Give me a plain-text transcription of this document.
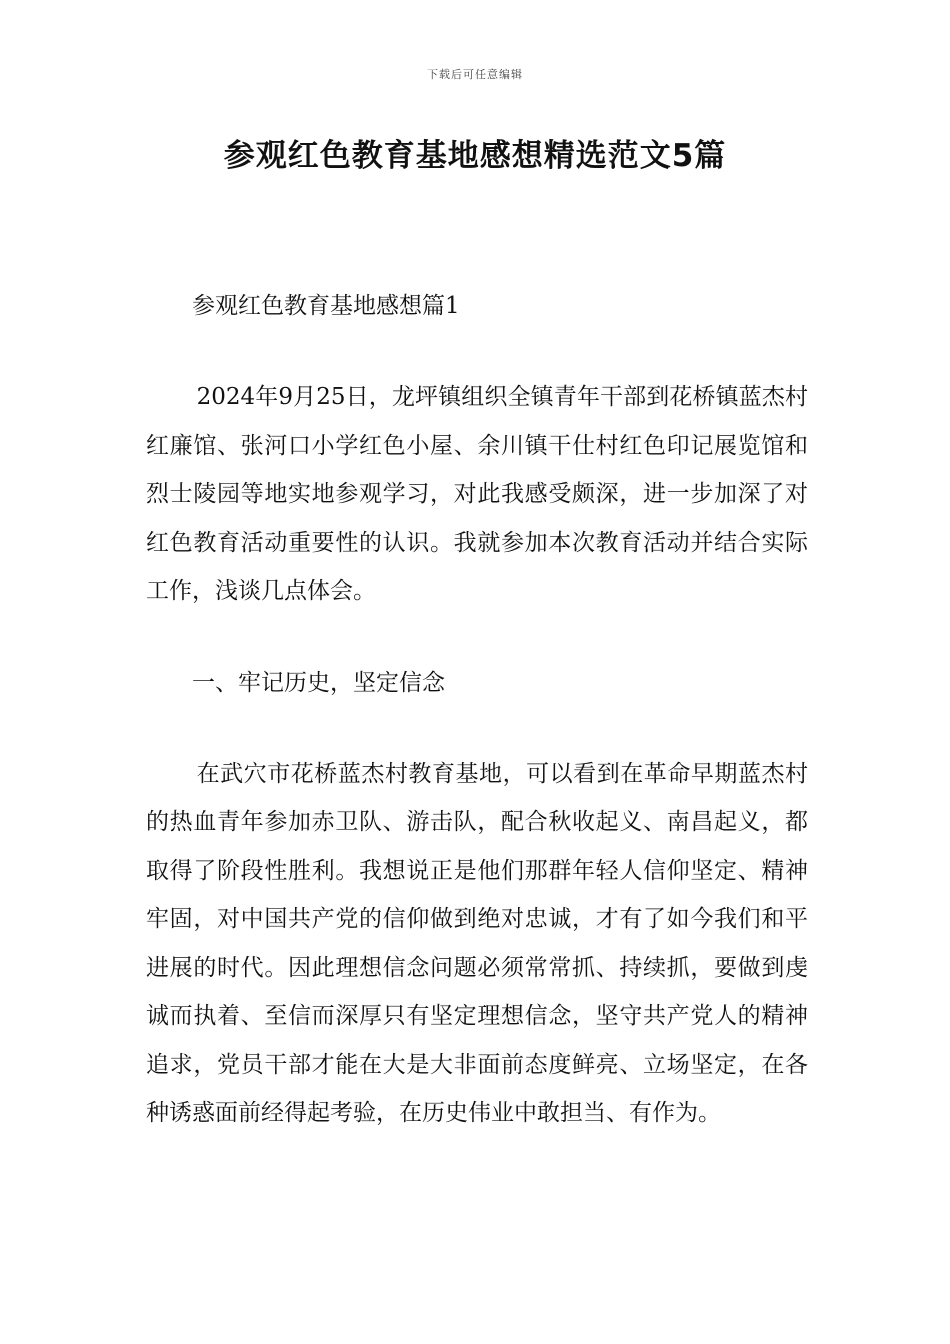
下载后可任意编辑
参观红色教育基地感想精选范文5篇

参观红色教育基地感想篇1

2024年9月25日，龙坪镇组织全镇青年干部到花桥镇蓝杰村红廉馆、张河口小学红色小屋、余川镇干仕村红色印记展览馆和烈士陵园等地实地参观学习，对此我感受颇深，进一步加深了对红色教育活动重要性的认识。我就参加本次教育活动并结合实际工作，浅谈几点体会。

一、牢记历史，坚定信念

在武穴市花桥蓝杰村教育基地，可以看到在革命早期蓝杰村的热血青年参加赤卫队、游击队，配合秋收起义、南昌起义，都取得了阶段性胜利。我想说正是他们那群年轻人信仰坚定、精神牢固，对中国共产党的信仰做到绝对忠诚，才有了如今我们和平进展的时代。因此理想信念问题必须常常抓、持续抓，要做到虔诚而执着、至信而深厚只有坚定理想信念，坚守共产党人的精神追求，党员干部才能在大是大非面前态度鲜亮、立场坚定，在各种诱惑面前经得起考验，在历史伟业中敢担当、有作为。
